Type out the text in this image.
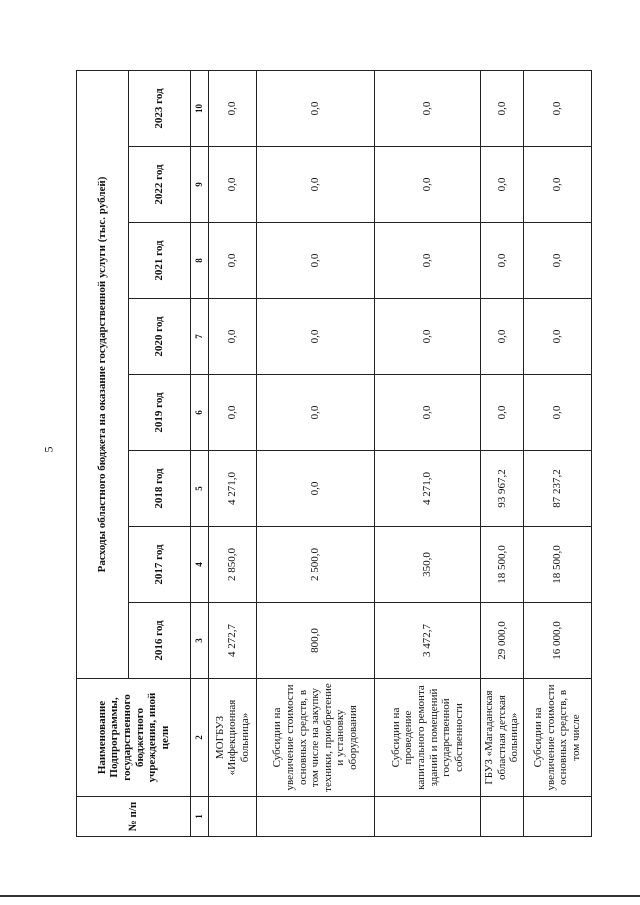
5
№ п/п	Наименование Подпрограммы, государственного бюджетного учреждения, иной цели	Расходы областного бюджета на оказание государственной услуги (тыс. рублей)							
		2016 год	2017 год	2018 год	2019 год	2020 год	2021 год	2022 год	2023 год
1	2	3	4	5	6	7	8	9	10
	МОГБУЗ «Инфекционная больница»	4 272,7	2 850,0	4 271,0	0,0	0,0	0,0	0,0	0,0
	Субсидии на увеличение стоимости основных средств, в том числе на закупку техники, приобретение и установку оборудования	800,0	2 500,0	0,0	0,0	0,0	0,0	0,0	0,0
	Субсидии на проведение капитального ремонта зданий и помещений государственной собственности	3 472,7	350,0	4 271,0	0,0	0,0	0,0	0,0	0,0
	ГБУЗ «Магаданская областная детская больница»	29 000,0	18 500,0	93 967,2	0,0	0,0	0,0	0,0	0,0
	Субсидии на увеличение стоимости основных средств, в том числе	16 000,0	18 500,0	87 237,2	0,0	0,0	0,0	0,0	0,0
